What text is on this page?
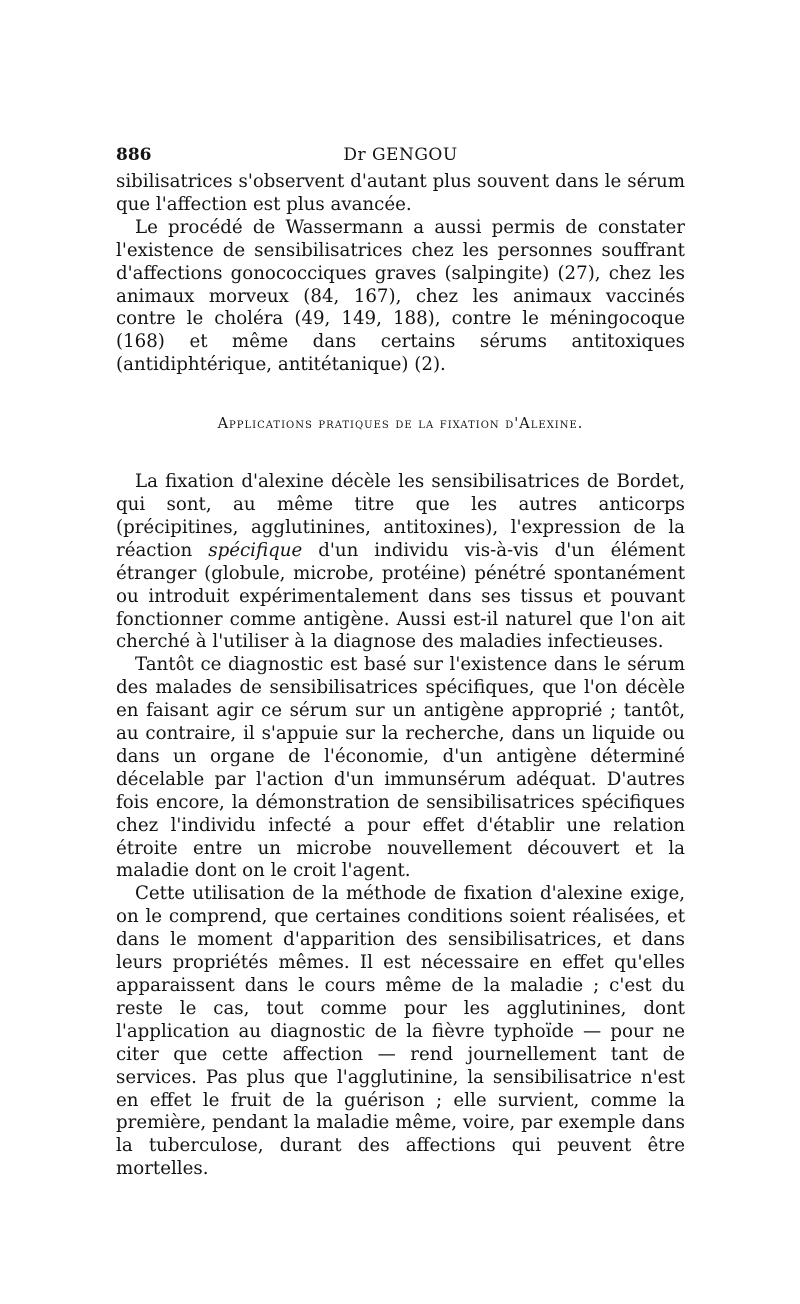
886	Dr GENGOU

sibilisatrices s'observent d'autant plus souvent dans le sérum que l'affection est plus avancée.

Le procédé de Wassermann a aussi permis de constater l'existence de sensibilisatrices chez les personnes souffrant d'affections gonococciques graves (salpingite) (27), chez les animaux morveux (84, 167), chez les animaux vaccinés contre le choléra (49, 149, 188), contre le méningocoque (168) et même dans certains sérums antitoxiques (antidiphtérique, antitétanique) (2).

Applications pratiques de la fixation d'Alexine.

La fixation d'alexine décèle les sensibilisatrices de Bordet, qui sont, au même titre que les autres anticorps (précipitines, agglutinines, antitoxines), l'expression de la réaction spécifique d'un individu vis-à-vis d'un élément étranger (globule, microbe, protéine) pénétré spontanément ou introduit expérimentalement dans ses tissus et pouvant fonctionner comme antigène. Aussi est-il naturel que l'on ait cherché à l'utiliser à la diagnose des maladies infectieuses.

Tantôt ce diagnostic est basé sur l'existence dans le sérum des malades de sensibilisatrices spécifiques, que l'on décèle en faisant agir ce sérum sur un antigène approprié ; tantôt, au contraire, il s'appuie sur la recherche, dans un liquide ou dans un organe de l'économie, d'un antigène déterminé décelable par l'action d'un immunsérum adéquat. D'autres fois encore, la démonstration de sensibilisatrices spécifiques chez l'individu infecté a pour effet d'établir une relation étroite entre un microbe nouvellement découvert et la maladie dont on le croit l'agent.

Cette utilisation de la méthode de fixation d'alexine exige, on le comprend, que certaines conditions soient réalisées, et dans le moment d'apparition des sensibilisatrices, et dans leurs propriétés mêmes. Il est nécessaire en effet qu'elles apparaissent dans le cours même de la maladie ; c'est du reste le cas, tout comme pour les agglutinines, dont l'application au diagnostic de la fièvre typhoïde — pour ne citer que cette affection — rend journellement tant de services. Pas plus que l'agglutinine, la sensibilisatrice n'est en effet le fruit de la guérison ; elle survient, comme la première, pendant la maladie même, voire, par exemple dans la tuberculose, durant des affections qui peuvent être mortelles.
